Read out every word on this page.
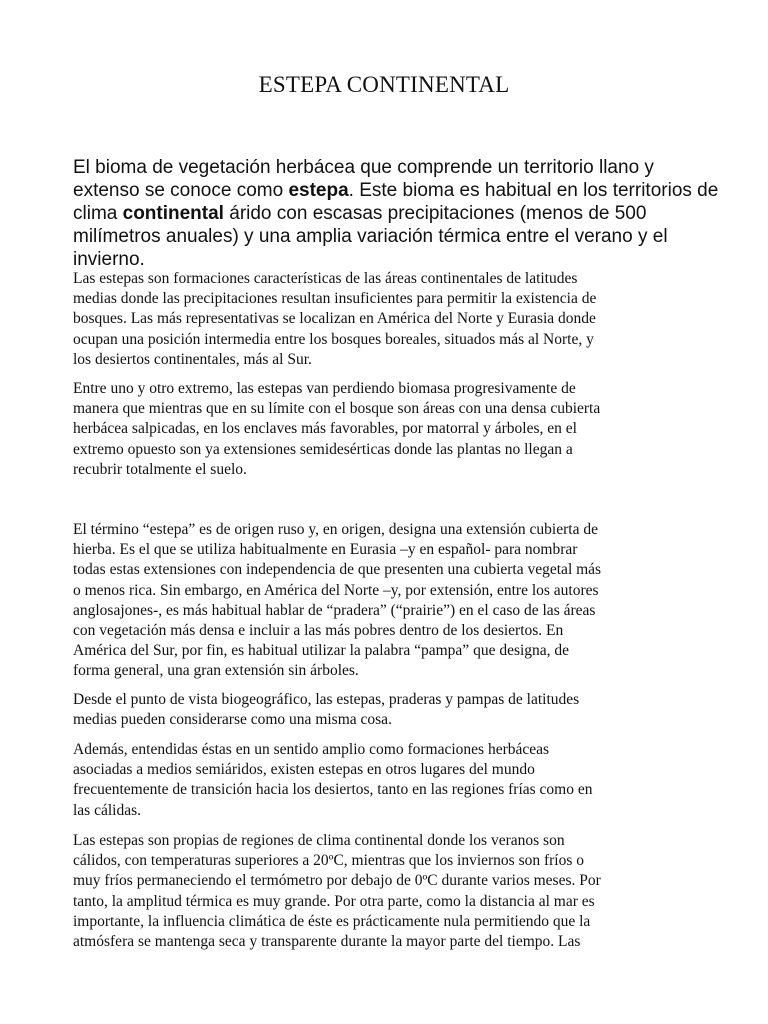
ESTEPA CONTINENTAL

El bioma de vegetación herbácea que comprende un territorio llano y extenso se conoce como estepa. Este bioma es habitual en los territorios de clima continental árido con escasas precipitaciones (menos de 500 milímetros anuales) y una amplia variación térmica entre el verano y el invierno.

Las estepas son formaciones características de las áreas continentales de latitudes
medias donde las precipitaciones resultan insuficientes para permitir la existencia de
bosques. Las más representativas se localizan en América del Norte y Eurasia donde
ocupan una posición intermedia entre los bosques boreales, situados más al Norte, y
los desiertos continentales, más al Sur.

Entre uno y otro extremo, las estepas van perdiendo biomasa progresivamente de
manera que mientras que en su límite con el bosque son áreas con una densa cubierta
herbácea salpicadas, en los enclaves más favorables, por matorral y árboles, en el
extremo opuesto son ya extensiones semidesérticas donde las plantas no llegan a
recubrir totalmente el suelo.

El término “estepa” es de origen ruso y, en origen, designa una extensión cubierta de
hierba. Es el que se utiliza habitualmente en Eurasia –y en español- para nombrar
todas estas extensiones con independencia de que presenten una cubierta vegetal más
o menos rica. Sin embargo, en América del Norte –y, por extensión, entre los autores
anglosajones-, es más habitual hablar de “pradera” (“prairie”) en el caso de las áreas
con vegetación más densa e incluir a las más pobres dentro de los desiertos. En
América del Sur, por fin, es habitual utilizar la palabra “pampa” que designa, de
forma general, una gran extensión sin árboles.

Desde el punto de vista biogeográfico, las estepas, praderas y pampas de latitudes
medias pueden considerarse como una misma cosa.

Además, entendidas éstas en un sentido amplio como formaciones herbáceas
asociadas a medios semiáridos, existen estepas en otros lugares del mundo
frecuentemente de transición hacia los desiertos, tanto en las regiones frías como en
las cálidas.

Las estepas son propias de regiones de clima continental donde los veranos son
cálidos, con temperaturas superiores a 20ºC, mientras que los inviernos son fríos o
muy fríos permaneciendo el termómetro por debajo de 0ºC durante varios meses. Por
tanto, la amplitud térmica es muy grande. Por otra parte, como la distancia al mar es
importante, la influencia climática de éste es prácticamente nula permitiendo que la
atmósfera se mantenga seca y transparente durante la mayor parte del tiempo. Las
